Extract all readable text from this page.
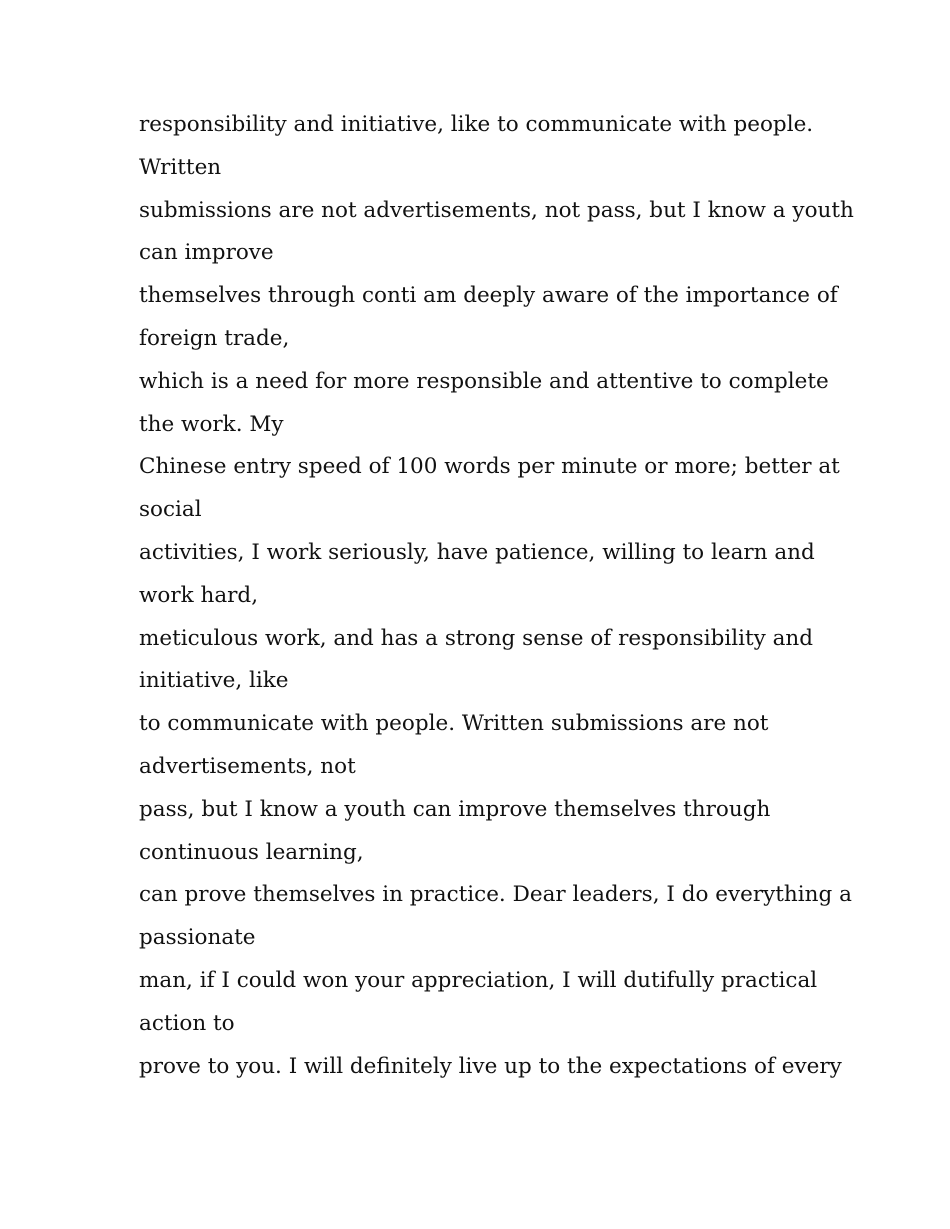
responsibility and initiative, like to communicate with people.
Written
submissions are not advertisements, not pass, but I know a youth
can improve
themselves through conti am deeply aware of the importance of
foreign trade,
which is a need for more responsible and attentive to complete
the work. My
Chinese entry speed of 100 words per minute or more; better at
social
activities, I work seriously, have patience, willing to learn and
work hard,
meticulous work, and has a strong sense of responsibility and
initiative, like
to communicate with people. Written submissions are not
advertisements, not
pass, but I know a youth can improve themselves through
continuous learning,
can prove themselves in practice. Dear leaders, I do everything a
passionate
man, if I could won your appreciation, I will dutifully practical
action to
prove to you. I will definitely live up to the expectations of every
